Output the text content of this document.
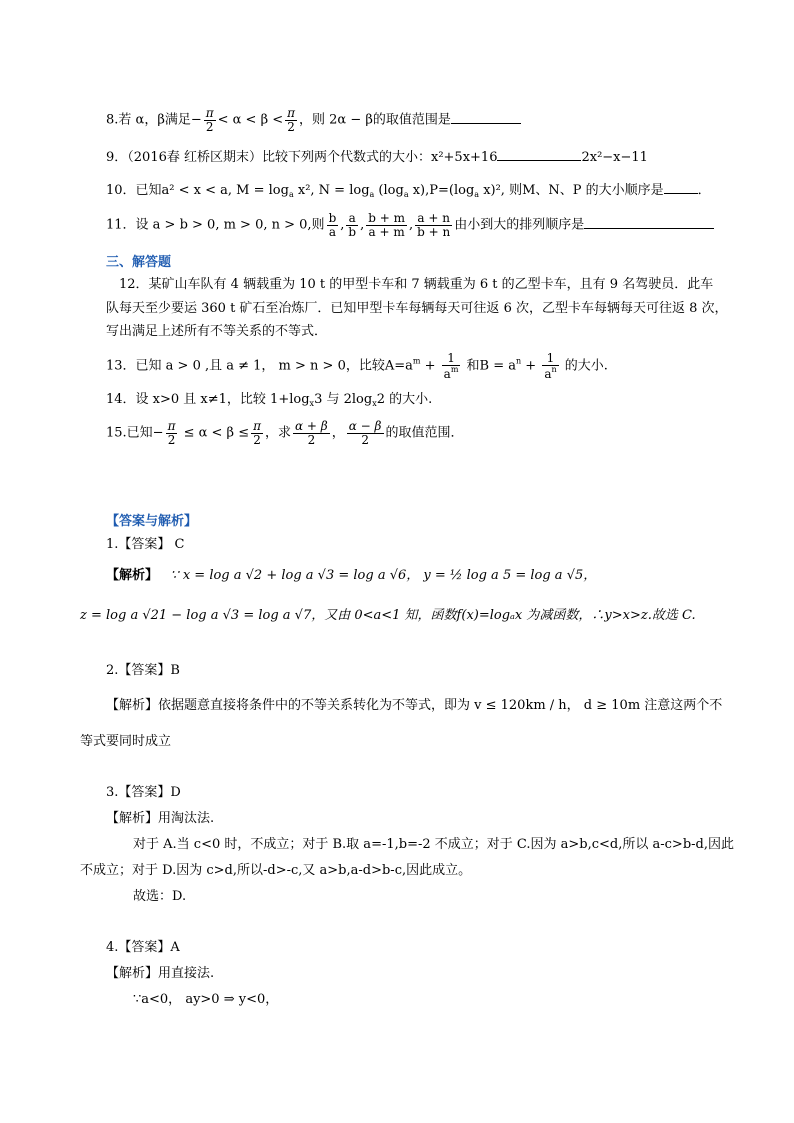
8.若 α，β满足− $\frac{\pi}{2} < \alpha < \beta < \frac{\pi}{2}$ ，则 2α − β的取值范围是
9．（2016春 红桥区期末）比较下列两个代数式的大小：x²+5x+16	2x²−x−11
10．已知a² < x < a, $M = \log_a x^2$, $N = \log_a (\log_a$ $x),P=(\log_a$ x)², 则M、N、P 的大小顺序是	．
11．设 a > b > 0, m > 0, n > 0,则 $\frac{b}{a}$ , $\frac{a}{b}$ , $\frac{b + m}{a + m}$ , $\frac{a + n}{b + n}$ 由小到大的排列顺序是
三、解答题
12．某矿山车队有 4 辆载重为 10 t 的甲型卡车和 7 辆载重为 6 t 的乙型卡车，且有 9 名驾驶员．此车
队每天至少要运 360 t 矿石至冶炼厂．已知甲型卡车每辆每天可往返 6 次，乙型卡车每辆每天可往返 8 次，
写出满足上述所有不等关系的不等式．
13．已知 a > 0 ,且 a ≠ 1， m > n > 0，比较$A=a^m + \frac{1}{a^m}$ 和$B = a^n + \frac{1}{a^n}$ 的大小.
14．设 x>0 且 x≠1，比较 $1+\log_x3$ 与 $2\log_x2$ 的大小.
15.已知− $\frac{\pi}{2} \le \alpha < \beta \le \frac{\pi}{2}$ ，求 $\frac{\alpha + \beta}{2}$ ， $\frac{\alpha - \beta}{2}$ 的取值范围．
【答案与解析】
1.【答案】 C
【解析】 ∵ x = log a √2 + log a √3 = log a √6， y = ½ log a 5 = log a √5，
z = log a √21 − log a √3 = log a √7，又由 0<a<1 知，函数f(x)=logₐx 为减函数，∴y>x>z.故选 C.
2.【答案】B
【解析】依据题意直接将条件中的不等关系转化为不等式，即为 v ≤ 120km / h， d ≥ 10m 注意这两个不
等式要同时成立
3.【答案】D
【解析】用淘汰法.
对于 A.当 c<0 时，不成立；对于 B.取 a=-1,b=-2 不成立；对于 C.因为 a>b,c<d,所以 a-c>b-d,因此
不成立；对于 D.因为 c>d,所以-d>-c,又 a>b,a-d>b-c,因此成立。
故选：D.
4.【答案】A
【解析】用直接法.
∵a<0， ay>0 ⇒ y<0，
